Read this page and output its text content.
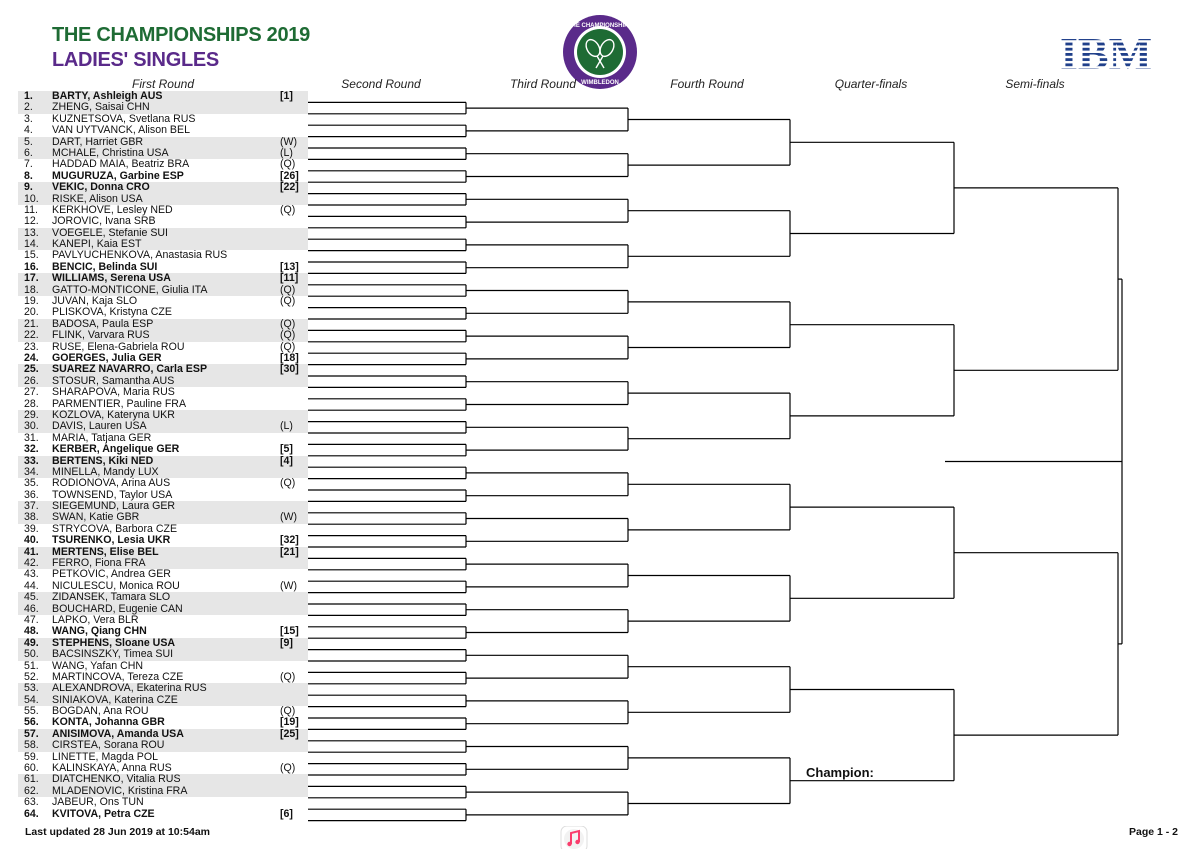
THE CHAMPIONSHIPS 2019
LADIES' SINGLES
THE CHAMPIONSHIPS
WIMBLEDON
IBM
First Round	Second Round	Third Round	Fourth Round	Quarter-finals	Semi-finals
1. BARTY, Ashleigh AUS	[1]
2. ZHENG, Saisai CHN
3. KUZNETSOVA, Svetlana RUS
4. VAN UYTVANCK, Alison BEL
5. DART, Harriet GBR	(W)
6. MCHALE, Christina USA	(L)
7. HADDAD MAIA, Beatriz BRA	(Q)
8. MUGURUZA, Garbine ESP	[26]
9. VEKIC, Donna CRO	[22]
10. RISKE, Alison USA
11. KERKHOVE, Lesley NED	(Q)
12. JOROVIC, Ivana SRB
13. VOEGELE, Stefanie SUI
14. KANEPI, Kaia EST
15. PAVLYUCHENKOVA, Anastasia RUS
16. BENCIC, Belinda SUI	[13]
17. WILLIAMS, Serena USA	[11]
18. GATTO-MONTICONE, Giulia ITA	(Q)
19. JUVAN, Kaja SLO	(Q)
20. PLISKOVA, Kristyna CZE
21. BADOSA, Paula ESP	(Q)
22. FLINK, Varvara RUS	(Q)
23. RUSE, Elena-Gabriela ROU	(Q)
24. GOERGES, Julia GER	[18]
25. SUAREZ NAVARRO, Carla ESP	[30]
26. STOSUR, Samantha AUS
27. SHARAPOVA, Maria RUS
28. PARMENTIER, Pauline FRA
29. KOZLOVA, Kateryna UKR
30. DAVIS, Lauren USA	(L)
31. MARIA, Tatjana GER
32. KERBER, Angelique GER	[5]
33. BERTENS, Kiki NED	[4]
34. MINELLA, Mandy LUX
35. RODIONOVA, Arina AUS	(Q)
36. TOWNSEND, Taylor USA
37. SIEGEMUND, Laura GER
38. SWAN, Katie GBR	(W)
39. STRYCOVA, Barbora CZE
40. TSURENKO, Lesia UKR	[32]
41. MERTENS, Elise BEL	[21]
42. FERRO, Fiona FRA
43. PETKOVIC, Andrea GER
44. NICULESCU, Monica ROU	(W)
45. ZIDANSEK, Tamara SLO
46. BOUCHARD, Eugenie CAN
47. LAPKO, Vera BLR
48. WANG, Qiang CHN	[15]
49. STEPHENS, Sloane USA	[9]
50. BACSINSZKY, Timea SUI
51. WANG, Yafan CHN
52. MARTINCOVA, Tereza CZE	(Q)
53. ALEXANDROVA, Ekaterina RUS
54. SINIAKOVA, Katerina CZE
55. BOGDAN, Ana ROU	(Q)
56. KONTA, Johanna GBR	[19]
57. ANISIMOVA, Amanda USA	[25]
58. CIRSTEA, Sorana ROU
59. LINETTE, Magda POL
60. KALINSKAYA, Anna RUS	(Q)
61. DIATCHENKO, Vitalia RUS
62. MLADENOVIC, Kristina FRA
63. JABEUR, Ons TUN
64. KVITOVA, Petra CZE	[6]
Champion:
Last updated 28 Jun 2019 at 10:54am	Page 1 - 2
